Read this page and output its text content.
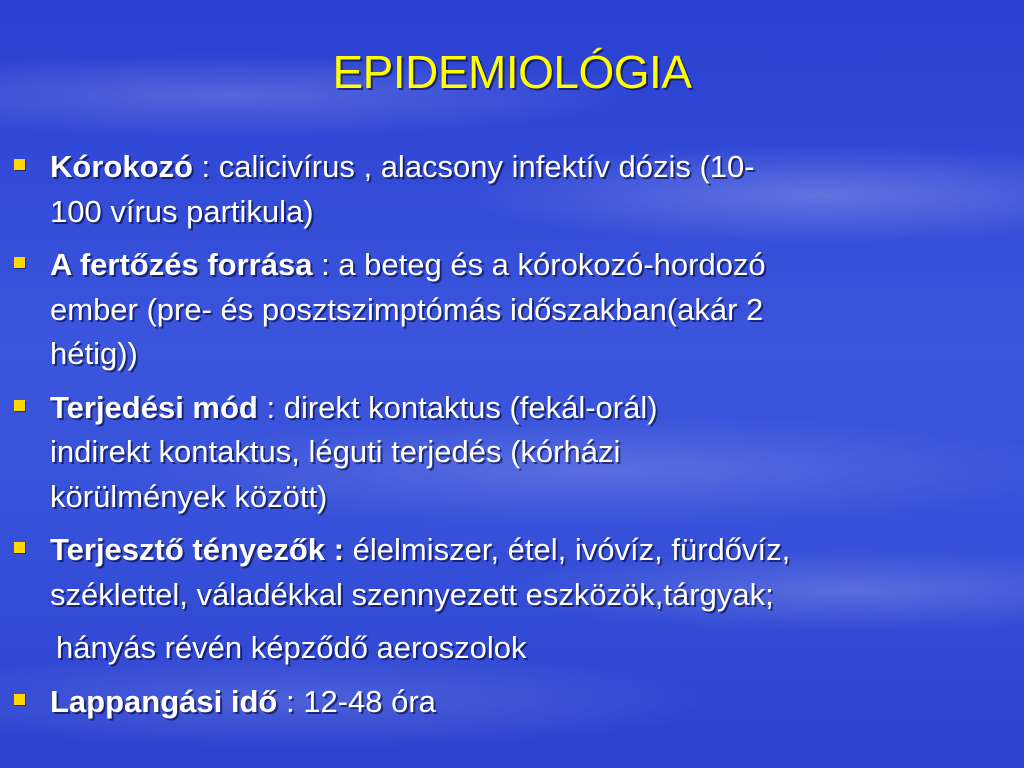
EPIDEMIOLÓGIA
Kórokozó : calicivírus , alacsony infektív dózis (10-
100 vírus partikula)
A fertőzés forrása : a beteg és a kórokozó-hordozó
ember (pre- és posztszimptómás időszakban(akár 2
hétig))
Terjedési mód : direkt kontaktus (fekál-orál)
indirekt kontaktus, léguti terjedés (kórházi
körülmények között)
Terjesztő tényezők : élelmiszer, étel, ivóvíz, fürdővíz,
széklettel, váladékkal szennyezett eszközök,tárgyak;
hányás révén képződő aeroszolok
Lappangási idő : 12-48 óra
